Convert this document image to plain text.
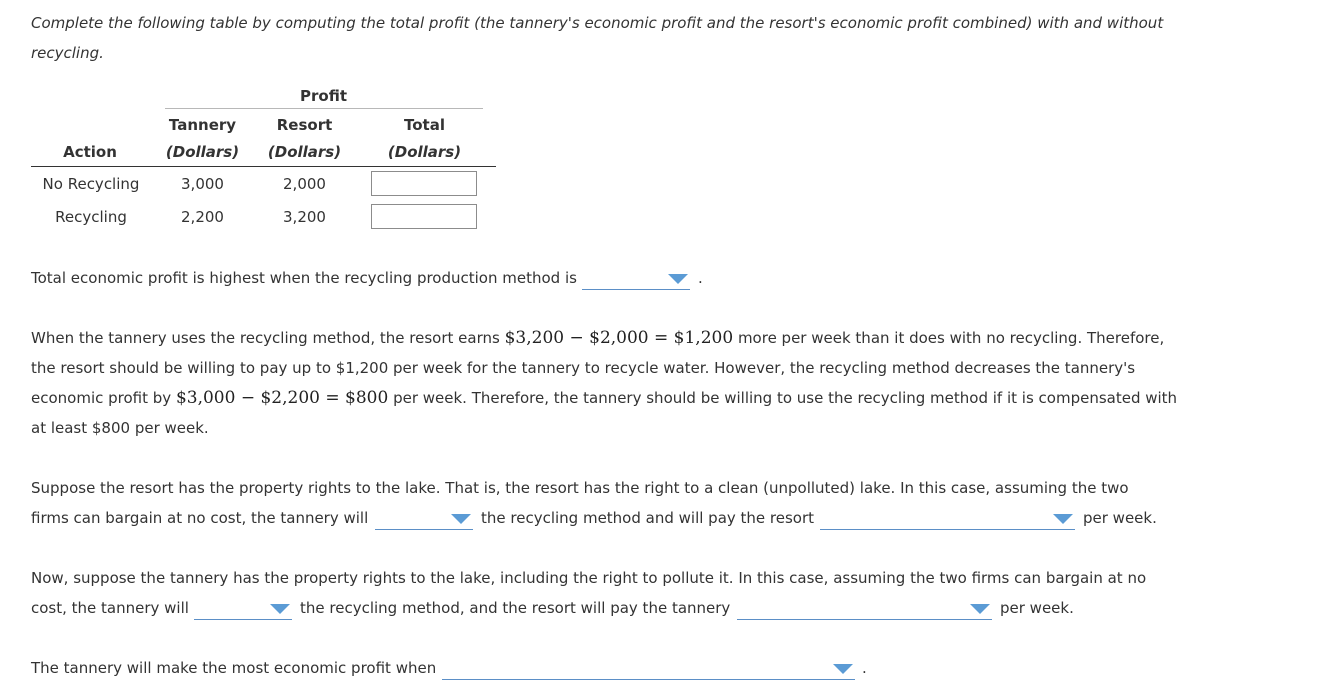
Complete the following table by computing the total profit (the tannery's economic profit and the resort's economic profit combined) with and without
recycling.
Profit
Tannery	Resort	Total
Action	(Dollars)	(Dollars)	(Dollars)
No Recycling	3,000	2,000
Recycling	2,200	3,200
Total economic profit is highest when the recycling production method is	.
When the tannery uses the recycling method, the resort earns $3,200 − $2,000 = $1,200 more per week than it does with no recycling. Therefore,
the resort should be willing to pay up to $1,200 per week for the tannery to recycle water. However, the recycling method decreases the tannery's
economic profit by $3,000 − $2,200 = $800 per week. Therefore, the tannery should be willing to use the recycling method if it is compensated with
at least $800 per week.
Suppose the resort has the property rights to the lake. That is, the resort has the right to a clean (unpolluted) lake. In this case, assuming the two
firms can bargain at no cost, the tannery will	the recycling method and will pay the resort	per week.
Now, suppose the tannery has the property rights to the lake, including the right to pollute it. In this case, assuming the two firms can bargain at no
cost, the tannery will	the recycling method, and the resort will pay the tannery	per week.
The tannery will make the most economic profit when	.
